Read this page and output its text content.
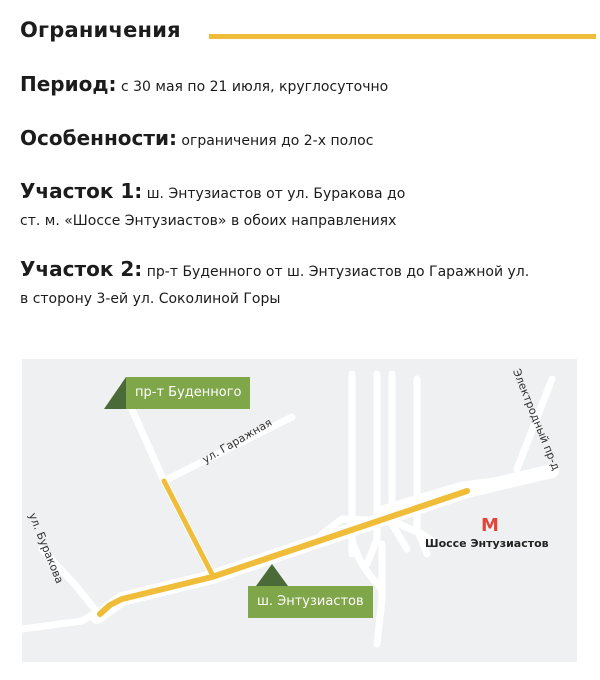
Ограничения
Период: с 30 мая по 21 июля, круглосуточно
Особенности: ограничения до 2-х полос
Участок 1: ш. Энтузиастов от ул. Буракова до
ст. м. «Шоссе Энтузиастов» в обоих направлениях
Участок 2: пр-т Буденного от ш. Энтузиастов до Гаражной ул.
в сторону 3-ей ул. Соколиной Горы
ул. Гаражная
ул. Буракова
Электродный пр-д
М
Шоссе Энтузиастов
пр-т Буденного
ш. Энтузиастов
